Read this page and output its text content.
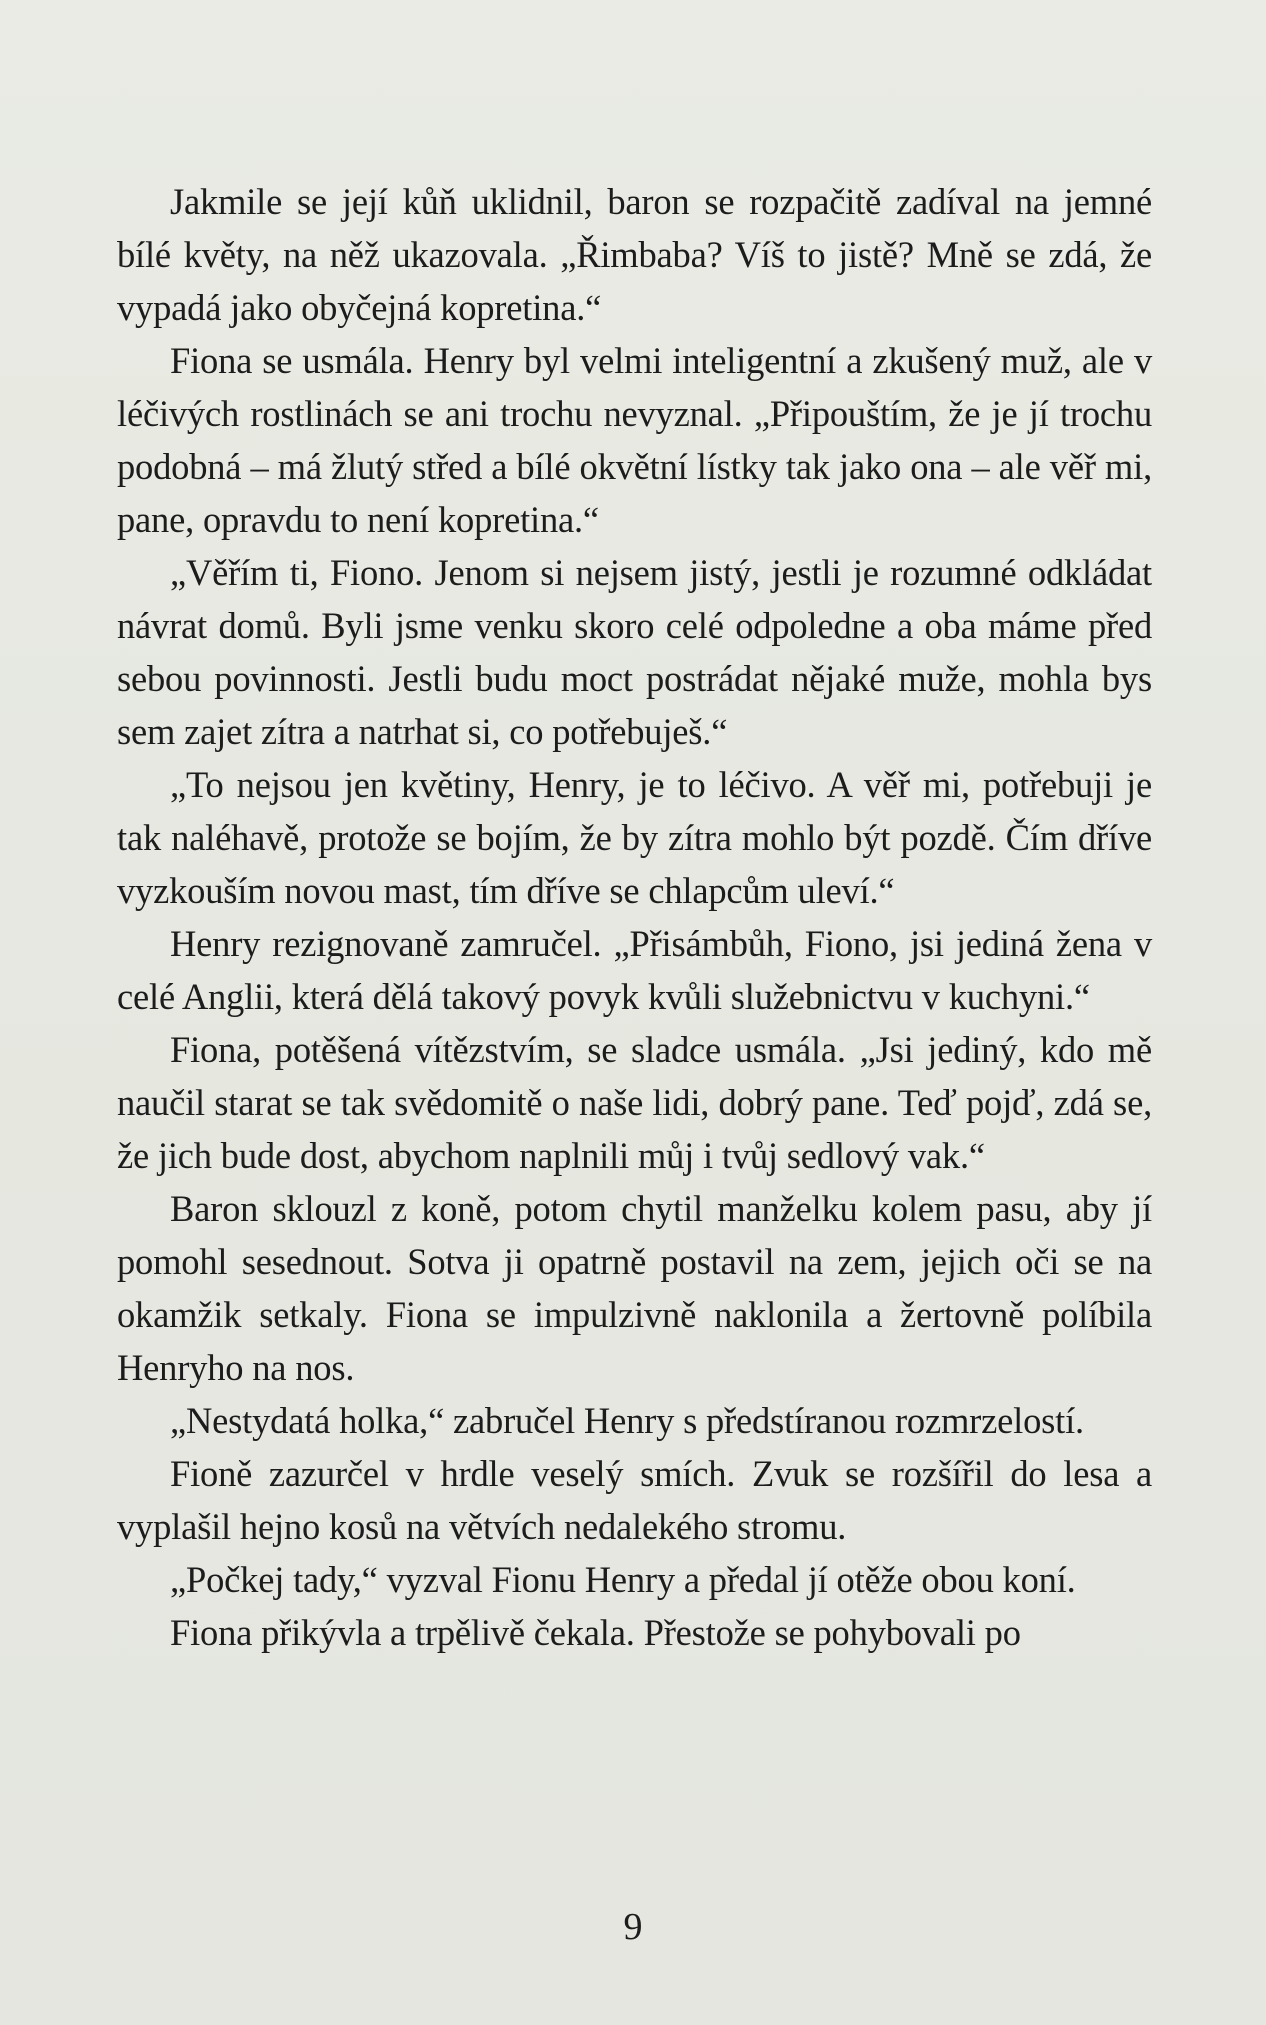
Jakmile se její kůň uklidnil, baron se rozpačitě zadíval na jemné bílé květy, na něž ukazovala. „Řimbaba? Víš to jistě? Mně se zdá, že vypadá jako obyčejná kopretina.“

Fiona se usmála. Henry byl velmi inteligentní a zkušený muž, ale v léčivých rostlinách se ani trochu nevyznal. „Připouštím, že je jí trochu podobná – má žlutý střed a bílé okvětní lístky tak jako ona – ale věř mi, pane, opravdu to není kopretina.“

„Věřím ti, Fiono. Jenom si nejsem jistý, jestli je rozumné odkládat návrat domů. Byli jsme venku skoro celé odpoledne a oba máme před sebou povinnosti. Jestli budu moct postrádat nějaké muže, mohla bys sem zajet zítra a natrhat si, co potřebuješ.“

„To nejsou jen květiny, Henry, je to léčivo. A věř mi, potřebuji je tak naléhavě, protože se bojím, že by zítra mohlo být pozdě. Čím dříve vyzkouším novou mast, tím dříve se chlapcům uleví.“

Henry rezignovaně zamručel. „Přisámbůh, Fiono, jsi jediná žena v celé Anglii, která dělá takový povyk kvůli služebnictvu v kuchyni.“

Fiona, potěšená vítězstvím, se sladce usmála. „Jsi jediný, kdo mě naučil starat se tak svědomitě o naše lidi, dobrý pane. Teď pojď, zdá se, že jich bude dost, abychom naplnili můj i tvůj sedlový vak.“

Baron sklouzl z koně, potom chytil manželku kolem pasu, aby jí pomohl sesednout. Sotva ji opatrně postavil na zem, jejich oči se na okamžik setkaly. Fiona se impulzivně naklonila a žertovně políbila Henryho na nos.

„Nestydatá holka,“ zabručel Henry s předstíranou rozmrzelostí.

Fioně zazurčel v hrdle veselý smích. Zvuk se rozšířil do lesa a vyplašil hejno kosů na větvích nedalekého stromu.

„Počkej tady,“ vyzval Fionu Henry a předal jí otěže obou koní.

Fiona přikývla a trpělivě čekala. Přestože se pohybovali po

9
